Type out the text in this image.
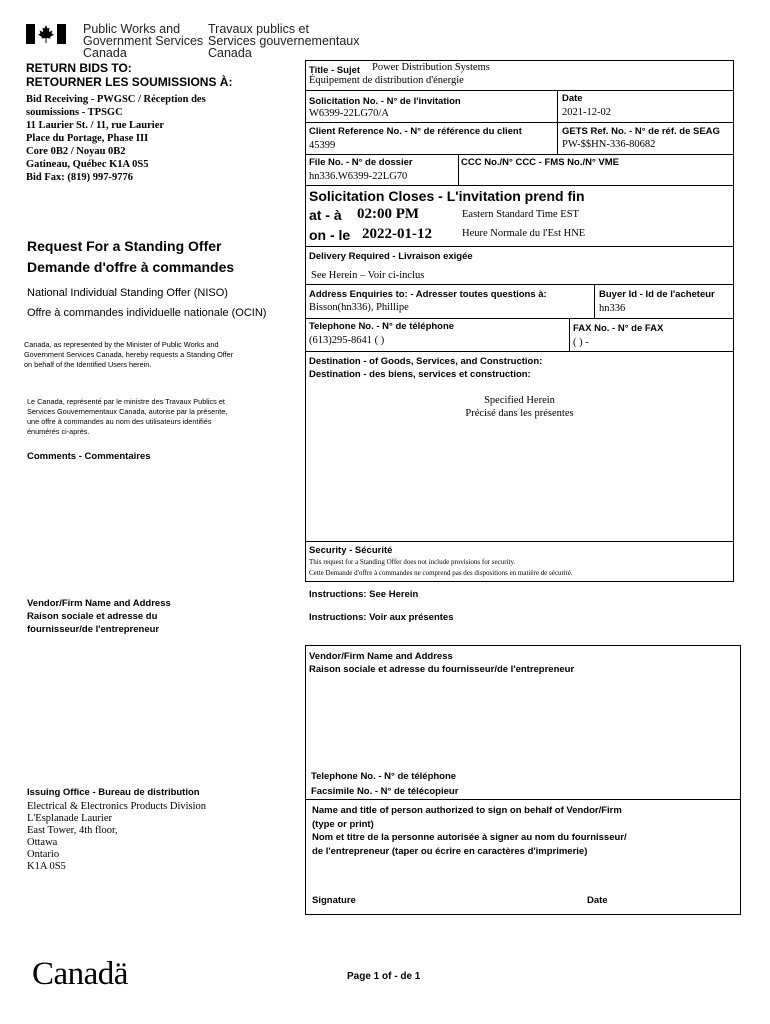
Public Works and
Government Services
Canada
Travaux publics et
Services gouvernementaux
Canada
RETURN BIDS TO:
RETOURNER LES SOUMISSIONS À:
Bid Receiving - PWGSC / Réception des
soumissions - TPSGC
11 Laurier St. / 11, rue Laurier
Place du Portage, Phase III
Core 0B2 / Noyau 0B2
Gatineau, Québec K1A 0S5
Bid Fax: (819) 997-9776
Request For a Standing Offer
Demande d'offre à commandes
National Individual Standing Offer (NISO)
Offre à commandes individuelle nationale (OCIN)
Canada, as represented by the Minister of Public Works and
Government Services Canada, hereby requests a Standing Offer
on behalf of the Identified Users herein.
Le Canada, représenté par le ministre des Travaux Publics et
Services Gouvernementaux Canada, autorise par la présente,
une offre à commandes au nom des utilisateurs identifiés
énumérés ci-après.
Comments - Commentaires
Vendor/Firm Name and Address
Raison sociale et adresse du
fournisseur/de l'entrepreneur
Issuing Office - Bureau de distribution
Electrical & Electronics Products Division
L'Esplanade Laurier
East Tower, 4th floor,
Ottawa
Ontario
K1A 0S5
Title - Sujet Power Distribution Systems
Équipement de distribution d'énergie
Solicitation No. - N° de l'invitation
W6399-22LG70/A
Date
2021-12-02
Client Reference No. - N° de référence du client
45399
GETS Ref. No. - N° de réf. de SEAG
PW-$$HN-336-80682
File No. - N° de dossier
hn336.W6399-22LG70
CCC No./N° CCC - FMS No./N° VME
Solicitation Closes - L'invitation prend fin
at - à 02:00 PM	Eastern Standard Time EST
on - le 2022-01-12	Heure Normale du l'Est HNE
Delivery Required - Livraison exigée
See Herein – Voir ci-inclus
Address Enquiries to: - Adresser toutes questions à:
Bisson(hn336), Phillipe
Buyer Id - Id de l'acheteur
hn336
Telephone No. - N° de téléphone
(613)295-8641 ( )
FAX No. - N° de FAX
( ) -
Destination - of Goods, Services, and Construction:
Destination - des biens, services et construction:
Specified Herein
Précisé dans les présentes
Security - Sécurité
This request for a Standing Offer does not include provisions for security.
Cette Demande d'offre à commandes ne comprend pas des dispositions en matière de sécurité.
Instructions: See Herein
Instructions: Voir aux présentes
Vendor/Firm Name and Address
Raison sociale et adresse du fournisseur/de l'entrepreneur
Telephone No. - N° de téléphone
Facsimile No. - N° de télécopieur
Name and title of person authorized to sign on behalf of Vendor/Firm
(type or print)
Nom et titre de la personne autorisée à signer au nom du fournisseur/
de l'entrepreneur (taper ou écrire en caractères d'imprimerie)
Signature	Date
Canadä	Page 1 of - de 1
